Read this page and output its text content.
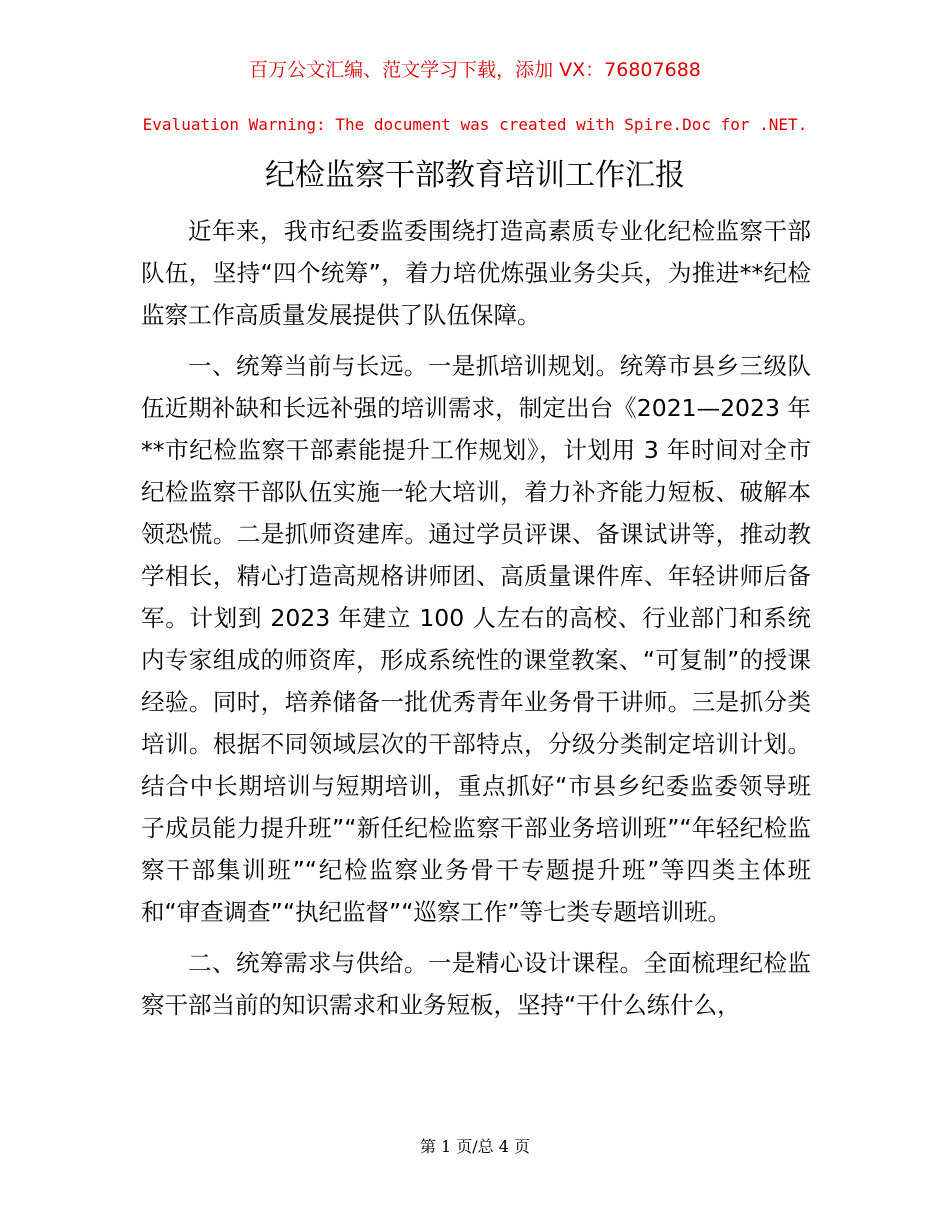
百万公文汇编、范文学习下载，添加 VX：76807688

Evaluation Warning: The document was created with Spire.Doc for .NET.

纪检监察干部教育培训工作汇报

近年来，我市纪委监委围绕打造高素质专业化纪检监察干部队伍，坚持“四个统筹”，着力培优炼强业务尖兵，为推进**纪检监察工作高质量发展提供了队伍保障。

一、统筹当前与长远。一是抓培训规划。统筹市县乡三级队伍近期补缺和长远补强的培训需求，制定出台《2021—2023 年**市纪检监察干部素能提升工作规划》，计划用 3 年时间对全市纪检监察干部队伍实施一轮大培训，着力补齐能力短板、破解本领恐慌。二是抓师资建库。通过学员评课、备课试讲等，推动教学相长，精心打造高规格讲师团、高质量课件库、年轻讲师后备军。计划到 2023 年建立 100 人左右的高校、行业部门和系统内专家组成的师资库，形成系统性的课堂教案、“可复制”的授课经验。同时，培养储备一批优秀青年业务骨干讲师。三是抓分类培训。根据不同领域层次的干部特点，分级分类制定培训计划。结合中长期培训与短期培训，重点抓好“市县乡纪委监委领导班子成员能力提升班”“新任纪检监察干部业务培训班”“年轻纪检监察干部集训班”“纪检监察业务骨干专题提升班”等四类主体班和“审查调查”“执纪监督”“巡察工作”等七类专题培训班。

二、统筹需求与供给。一是精心设计课程。全面梳理纪检监察干部当前的知识需求和业务短板，坚持“干什么练什么，

第 1 页/总 4 页
